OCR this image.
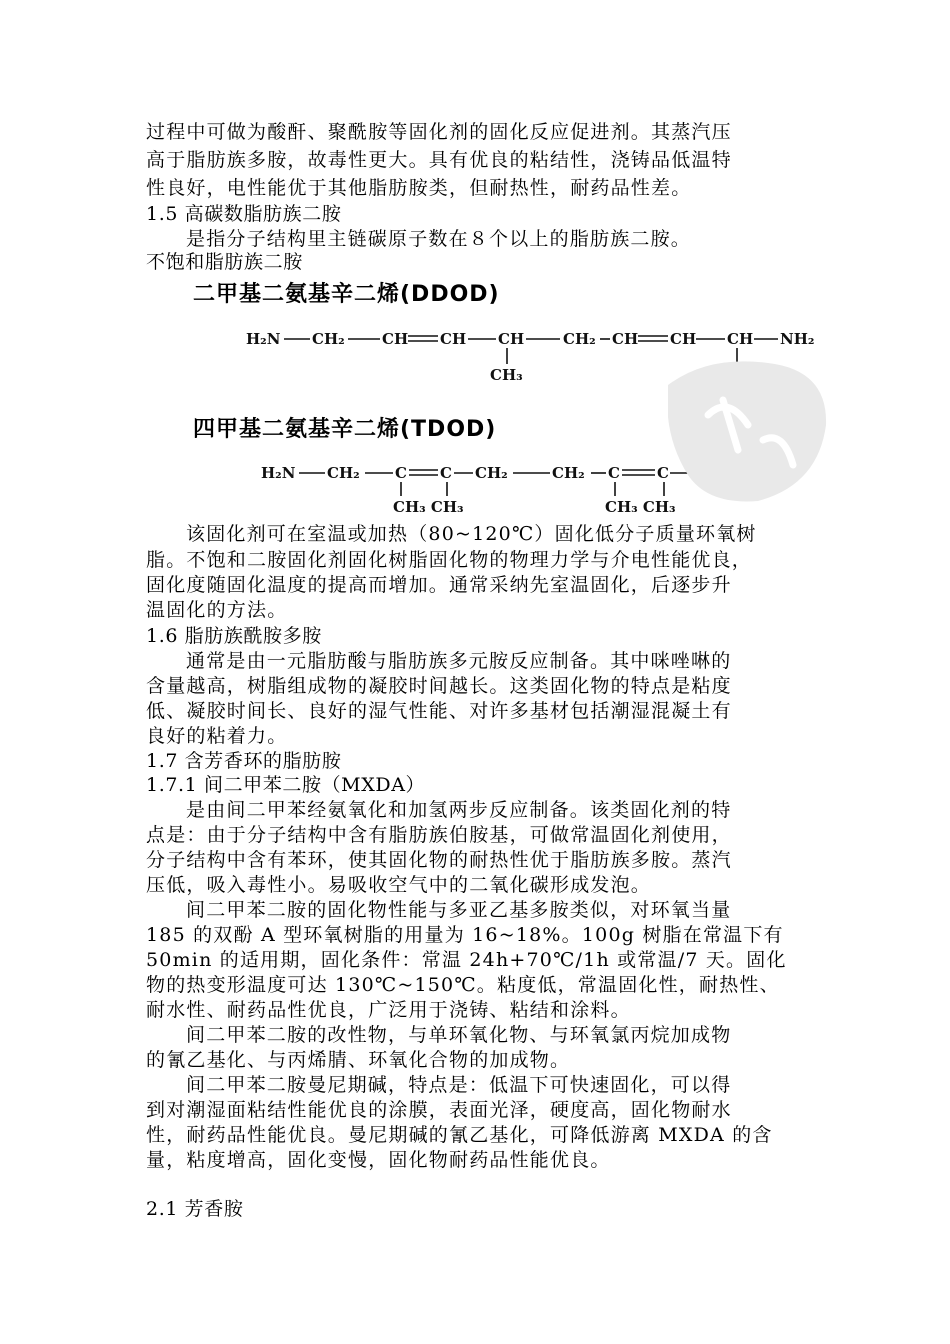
过程中可做为酸酐、聚酰胺等固化剂的固化反应促进剂。其蒸汽压
高于脂肪族多胺，故毒性更大。具有优良的粘结性，浇铸品低温特
性良好，电性能优于其他脂肪胺类，但耐热性，耐药品性差。
1.5 高碳数脂肪族二胺
是指分子结构里主链碳原子数在８个以上的脂肪族二胺。
不饱和脂肪族二胺
二甲基二氨基辛二烯(DDOD)
H₂N CH₂ CH CH CH	CH₂ CH CH CH NH₂
CH₃
四甲基二氨基辛二烯(TDOD)
H₂N CH₂ C C CH₂	CH₂ C C
CH₃ CH₃	CH₃ CH₃
该固化剂可在室温或加热（80~120℃）固化低分子质量环氧树
脂。不饱和二胺固化剂固化树脂固化物的物理力学与介电性能优良，
固化度随固化温度的提高而增加。通常采纳先室温固化，后逐步升
温固化的方法。
1.6 脂肪族酰胺多胺
通常是由一元脂肪酸与脂肪族多元胺反应制备。其中咪唑啉的
含量越高，树脂组成物的凝胶时间越长。这类固化物的特点是粘度
低、凝胶时间长、良好的湿气性能、对许多基材包括潮湿混凝土有
良好的粘着力。
1.7 含芳香环的脂肪胺
1.7.1 间二甲苯二胺（MXDA）
是由间二甲苯经氨氧化和加氢两步反应制备。该类固化剂的特
点是：由于分子结构中含有脂肪族伯胺基，可做常温固化剂使用，
分子结构中含有苯环，使其固化物的耐热性优于脂肪族多胺。蒸汽
压低，吸入毒性小。易吸收空气中的二氧化碳形成发泡。
间二甲苯二胺的固化物性能与多亚乙基多胺类似，对环氧当量
185 的双酚 A 型环氧树脂的用量为 16~18%。100g 树脂在常温下有
50min 的适用期，固化条件：常温 24h+70℃/1h 或常温/7 天。固化
物的热变形温度可达 130℃~150℃。粘度低，常温固化性，耐热性、
耐水性、耐药品性优良，广泛用于浇铸、粘结和涂料。
间二甲苯二胺的改性物，与单环氧化物、与环氧氯丙烷加成物
的氰乙基化、与丙烯腈、环氧化合物的加成物。
间二甲苯二胺曼尼期碱，特点是：低温下可快速固化，可以得
到对潮湿面粘结性能优良的涂膜，表面光泽，硬度高，固化物耐水
性，耐药品性能优良。曼尼期碱的氰乙基化，可降低游离 MXDA 的含
量，粘度增高，固化变慢，固化物耐药品性能优良。
2.1 芳香胺
